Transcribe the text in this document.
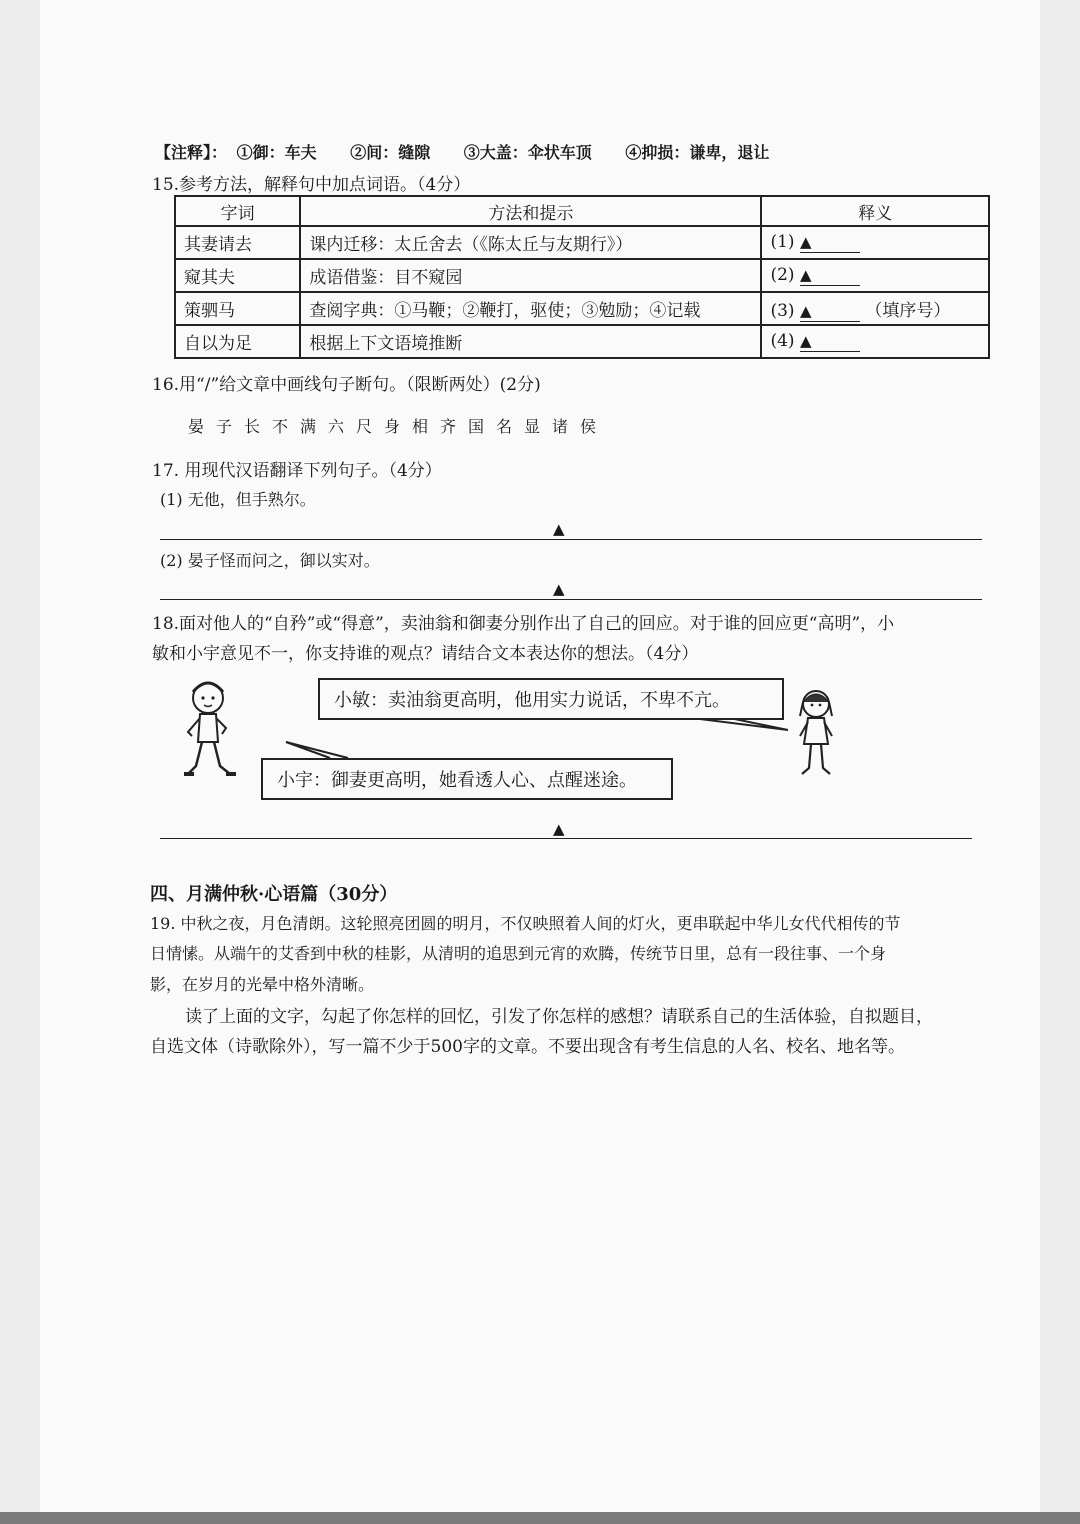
【注释】： ①御：车夫 ②间：缝隙 ③大盖：伞状车顶 ④抑损：谦卑，退让
15.参考方法，解释句中加点词语。（4分）
字词	方法和提示	释义
其妻请去	课内迁移：太丘舍去（《陈太丘与友期行》）	(1) ▲
窥其夫	成语借鉴：目不窥园	(2) ▲
策驷马	查阅字典：①马鞭；②鞭打，驱使；③勉励；④记载	(3) ▲ （填序号）
自以为足	根据上下文语境推断	(4) ▲
16.用“/”给文章中画线句子断句。（限断两处）(2分)
晏子长不满六尺身相齐国名显诸侯
17. 用现代汉语翻译下列句子。（4分）
(1) 无他，但手熟尔。
▲
(2) 晏子怪而问之，御以实对。
▲
18.面对他人的“自矜”或“得意”，卖油翁和御妻分别作出了自己的回应。对于谁的回应更“高明”，小
敏和小宇意见不一，你支持谁的观点？请结合文本表达你的想法。（4分）
小敏：卖油翁更高明，他用实力说话，不卑不亢。
小宇：御妻更高明，她看透人心、点醒迷途。
▲
四、月满仲秋·心语篇（30分）
19. 中秋之夜，月色清朗。这轮照亮团圆的明月，不仅映照着人间的灯火，更串联起中华儿女代代相传的节
日情愫。从端午的艾香到中秋的桂影，从清明的追思到元宵的欢腾，传统节日里，总有一段往事、一个身
影，在岁月的光晕中格外清晰。
读了上面的文字，勾起了你怎样的回忆，引发了你怎样的感想？请联系自己的生活体验，自拟题目，
自选文体（诗歌除外），写一篇不少于500字的文章。不要出现含有考生信息的人名、校名、地名等。
